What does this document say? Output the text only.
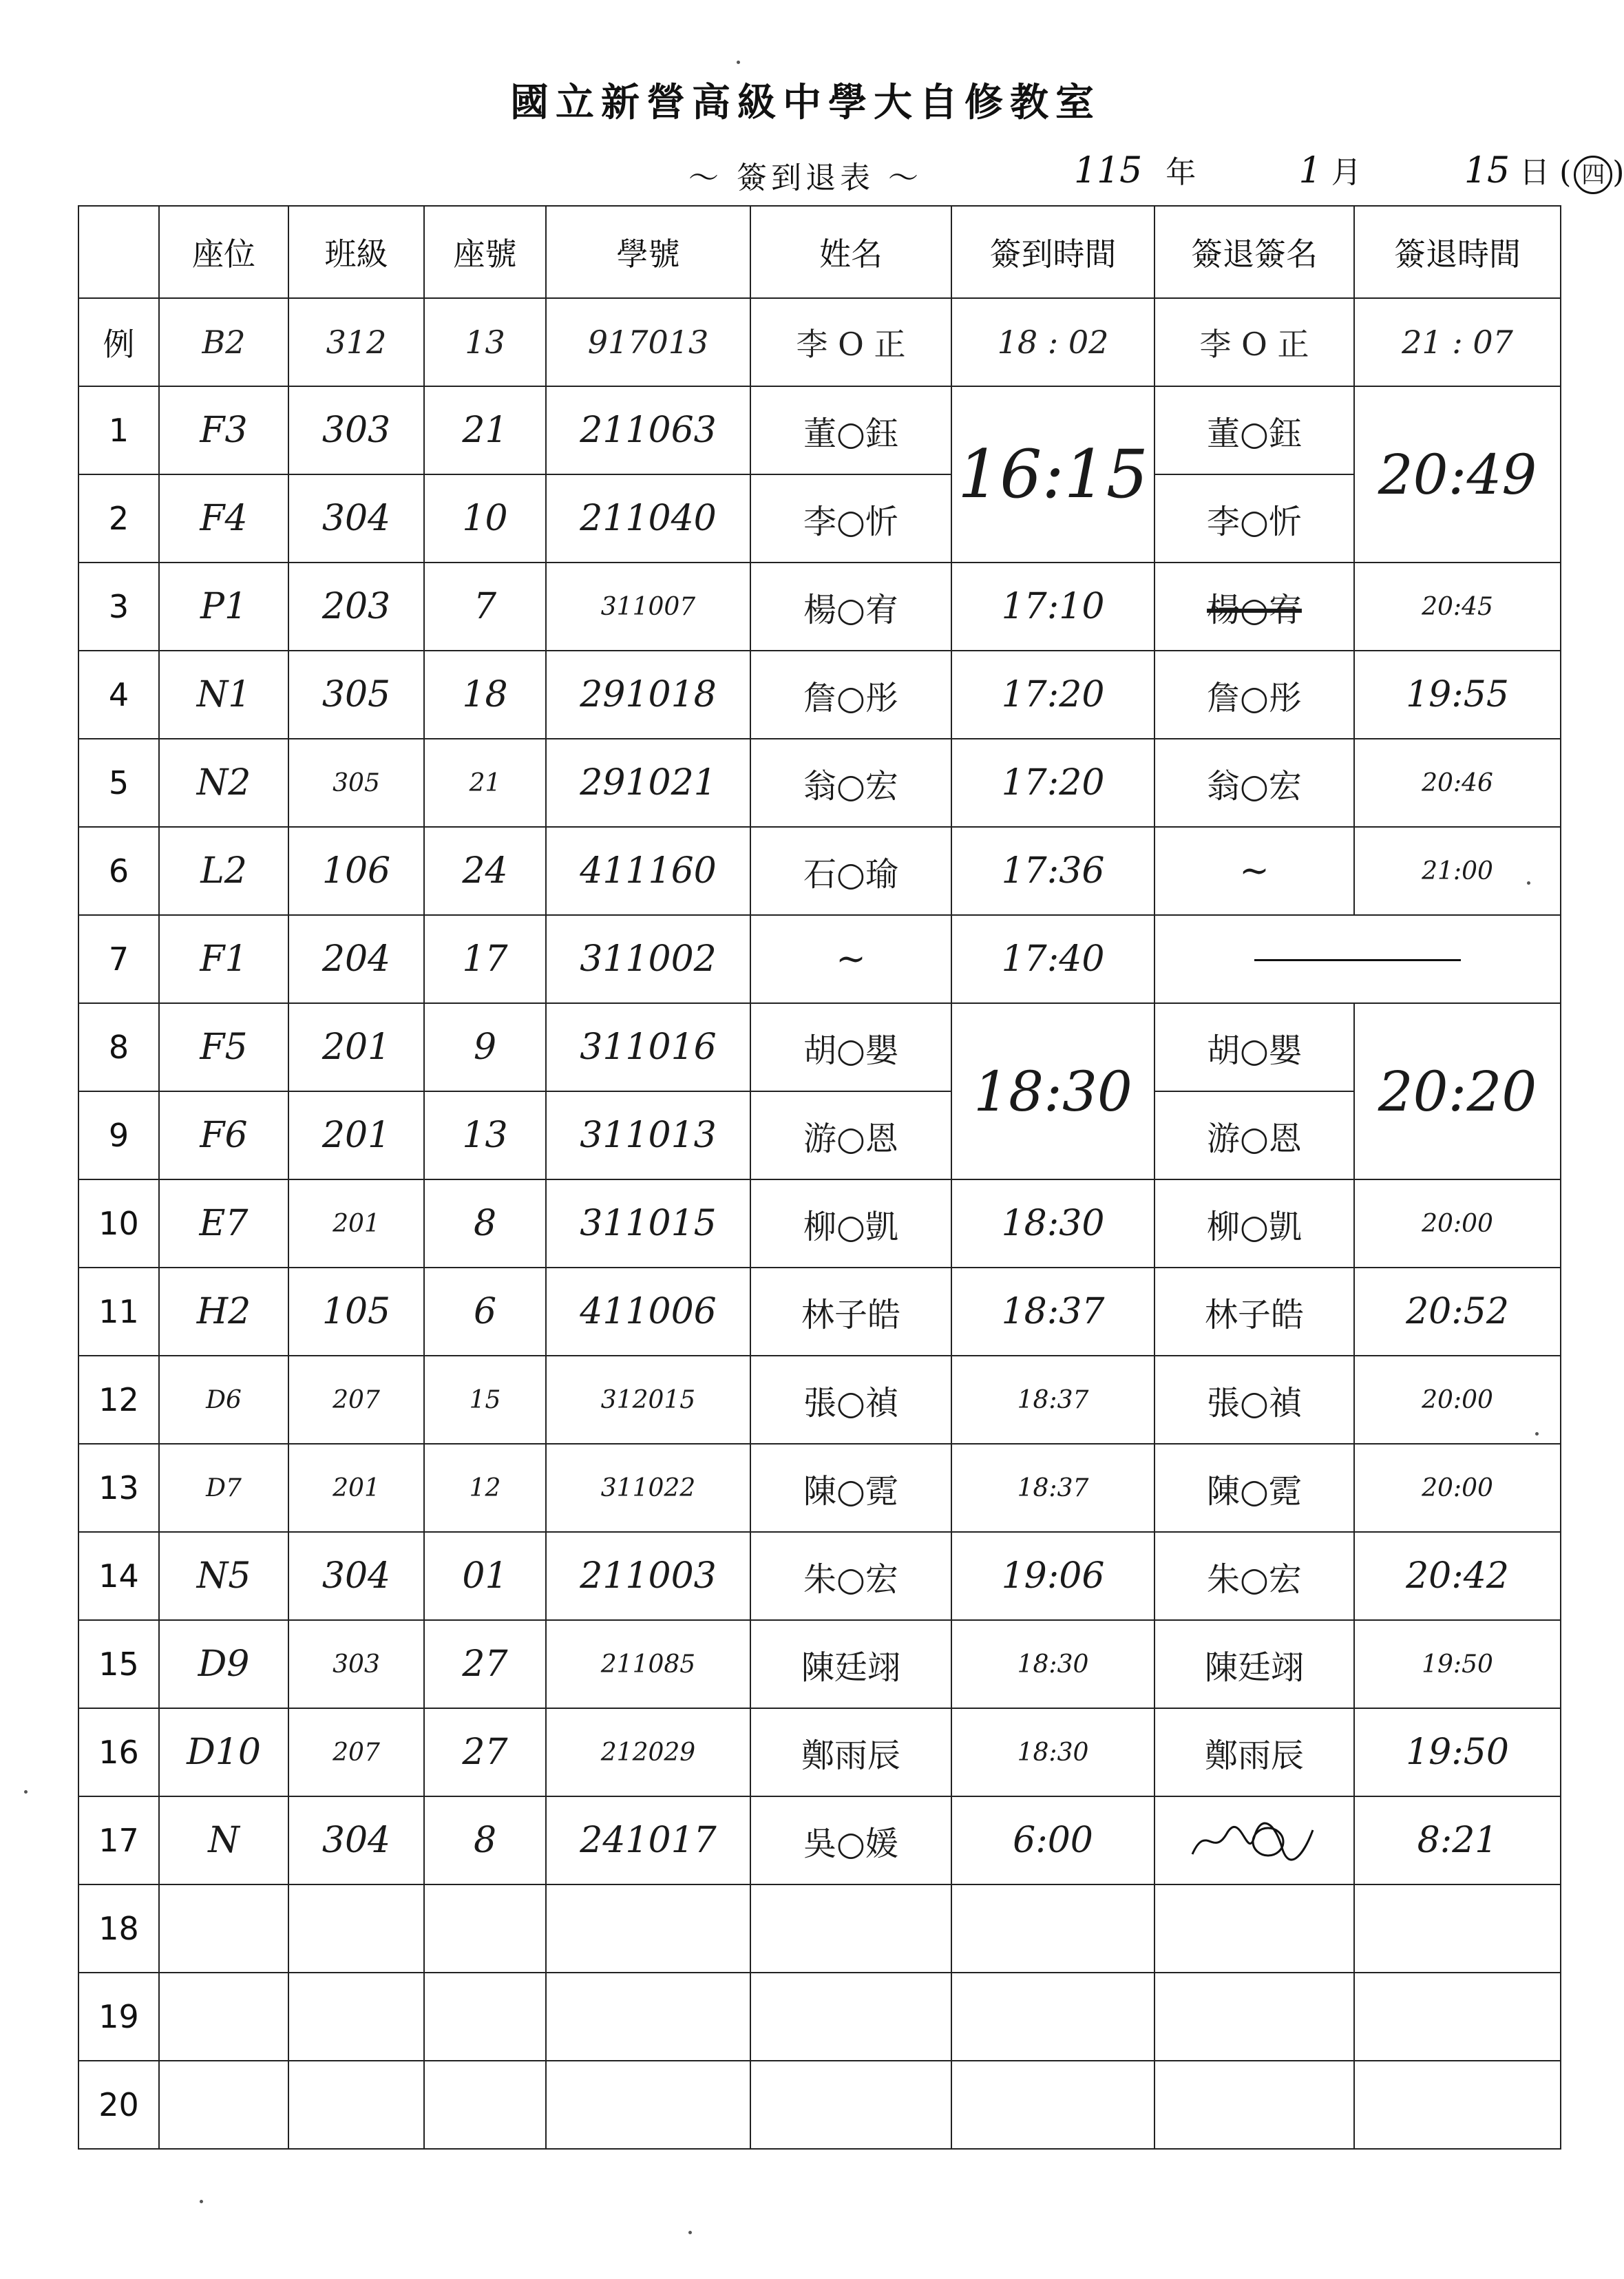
國立新營高級中學大自修教室
～ 簽到退表 ～	115 年	1 月	15 日 ( 四 )
	座位	班級	座號	學號	姓名	簽到時間	簽退簽名	簽退時間
例	B2	312	13	917013	李 O 正	18 : 02	李 O 正	21 : 07
1	F3	303	21	211063	董○鈺	16:15	董○鈺	20:49
2	F4	304	10	211040	李○忻		李○忻	
3	P1	203	7	311007	楊○宥	17:10	楊○宥	20:45
4	N1	305	18	291018	詹○彤	17:20	詹○彤	19:55
5	N2	305	21	291021	翁○宏	17:20	翁○宏	20:46
6	L2	106	24	411160	石○瑜	17:36	~	21:00
7	F1	204	17	311002	~	17:40		
8	F5	201	9	311016	胡○嬰	18:30	胡○嬰	20:20
9	F6	201	13	311013	游○恩		游○恩	
10	E7	201	8	311015	柳○凱	18:30	柳○凱	20:00
11	H2	105	6	411006	林子皓	18:37	林子皓	20:52
12	D6	207	15	312015	張○禎	18:37	張○禎	20:00
13	D7	201	12	311022	陳○霓	18:37	陳○霓	20:00
14	N5	304	01	211003	朱○宏	19:06	朱○宏	20:42
15	D9	303	27	211085	陳廷翊	18:30	陳廷翊	19:50
16	D10	207	27	212029	鄭雨辰	18:30	鄭雨辰	19:50
17	N	304	8	241017	吳○媛	6:00		8:21
18								
19								
20								
